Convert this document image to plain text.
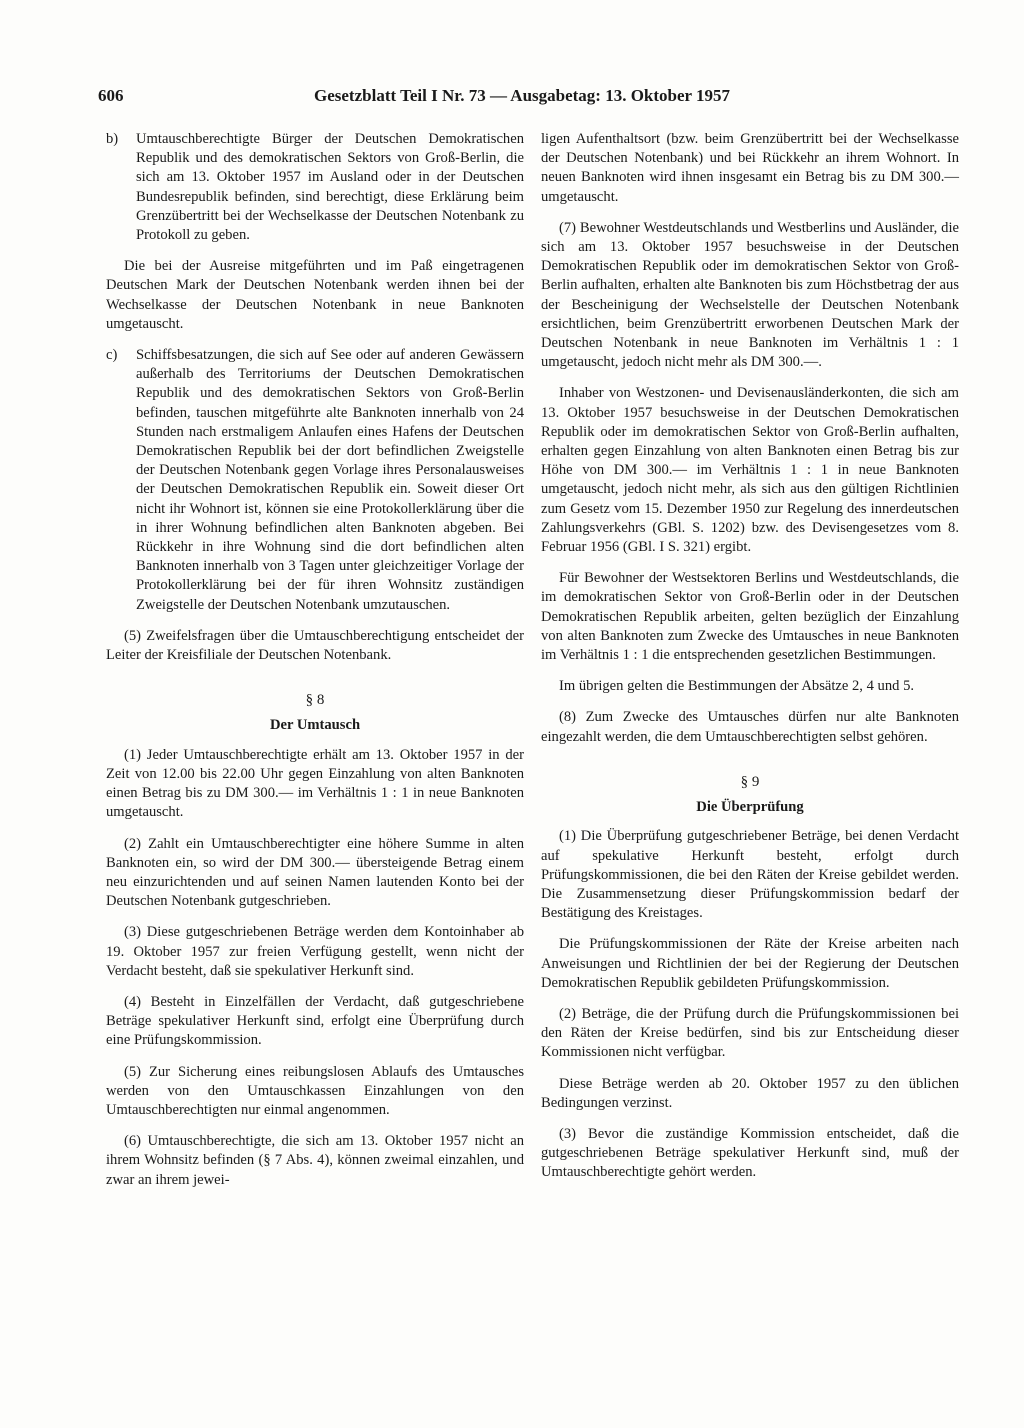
606	Gesetzblatt Teil I Nr. 73 — Ausgabetag: 13. Oktober 1957
b)	Umtauschberechtigte Bürger der Deutschen Demokratischen Republik und des demokratischen Sektors von Groß-Berlin, die sich am 13. Oktober 1957 im Ausland oder in der Deutschen Bundesrepublik befinden, sind berechtigt, diese Erklärung beim Grenzübertritt bei der Wechselkasse der Deutschen Notenbank zu Protokoll zu geben.

Die bei der Ausreise mitgeführten und im Paß eingetragenen Deutschen Mark der Deutschen Notenbank werden ihnen bei der Wechselkasse der Deutschen Notenbank in neue Banknoten umgetauscht.

c)	Schiffsbesatzungen, die sich auf See oder auf anderen Gewässern außerhalb des Territoriums der Deutschen Demokratischen Republik und des demokratischen Sektors von Groß-Berlin befinden, tauschen mitgeführte alte Banknoten innerhalb von 24 Stunden nach erstmaligem Anlaufen eines Hafens der Deutschen Demokratischen Republik bei der dort befindlichen Zweigstelle der Deutschen Notenbank gegen Vorlage ihres Personalausweises der Deutschen Demokratischen Republik ein. Soweit dieser Ort nicht ihr Wohnort ist, können sie eine Protokollerklärung über die in ihrer Wohnung befindlichen alten Banknoten abgeben. Bei Rückkehr in ihre Wohnung sind die dort befindlichen alten Banknoten innerhalb von 3 Tagen unter gleichzeitiger Vorlage der Protokollerklärung bei der für ihren Wohnsitz zuständigen Zweigstelle der Deutschen Notenbank umzutauschen.

(5) Zweifelsfragen über die Umtauschberechtigung entscheidet der Leiter der Kreisfiliale der Deutschen Notenbank.

§ 8

Der Umtausch

(1) Jeder Umtauschberechtigte erhält am 13. Oktober 1957 in der Zeit von 12.00 bis 22.00 Uhr gegen Einzahlung von alten Banknoten einen Betrag bis zu DM 300.— im Verhältnis 1 : 1 in neue Banknoten umgetauscht.

(2) Zahlt ein Umtauschberechtigter eine höhere Summe in alten Banknoten ein, so wird der DM 300.— übersteigende Betrag einem neu einzurichtenden und auf seinen Namen lautenden Konto bei der Deutschen Notenbank gutgeschrieben.

(3) Diese gutgeschriebenen Beträge werden dem Kontoinhaber ab 19. Oktober 1957 zur freien Verfügung gestellt, wenn nicht der Verdacht besteht, daß sie spekulativer Herkunft sind.

(4) Besteht in Einzelfällen der Verdacht, daß gutgeschriebene Beträge spekulativer Herkunft sind, erfolgt eine Überprüfung durch eine Prüfungskommission.

(5) Zur Sicherung eines reibungslosen Ablaufs des Umtausches werden von den Umtauschkassen Einzahlungen von den Umtauschberechtigten nur einmal angenommen.

(6) Umtauschberechtigte, die sich am 13. Oktober 1957 nicht an ihrem Wohnsitz befinden (§ 7 Abs. 4), können zweimal einzahlen, und zwar an ihrem jewei-

ligen Aufenthaltsort (bzw. beim Grenzübertritt bei der Wechselkasse der Deutschen Notenbank) und bei Rückkehr an ihrem Wohnort. In neuen Banknoten wird ihnen insgesamt ein Betrag bis zu DM 300.— umgetauscht.

(7) Bewohner Westdeutschlands und Westberlins und Ausländer, die sich am 13. Oktober 1957 besuchsweise in der Deutschen Demokratischen Republik oder im demokratischen Sektor von Groß-Berlin aufhalten, erhalten alte Banknoten bis zum Höchstbetrag der aus der Bescheinigung der Wechselstelle der Deutschen Notenbank ersichtlichen, beim Grenzübertritt erworbenen Deutschen Mark der Deutschen Notenbank in neue Banknoten im Verhältnis 1 : 1 umgetauscht, jedoch nicht mehr als DM 300.—.

Inhaber von Westzonen- und Devisenausländerkonten, die sich am 13. Oktober 1957 besuchsweise in der Deutschen Demokratischen Republik oder im demokratischen Sektor von Groß-Berlin aufhalten, erhalten gegen Einzahlung von alten Banknoten einen Betrag bis zur Höhe von DM 300.— im Verhältnis 1 : 1 in neue Banknoten umgetauscht, jedoch nicht mehr, als sich aus den gültigen Richtlinien zum Gesetz vom 15. Dezember 1950 zur Regelung des innerdeutschen Zahlungsverkehrs (GBl. S. 1202) bzw. des Devisengesetzes vom 8. Februar 1956 (GBl. I S. 321) ergibt.

Für Bewohner der Westsektoren Berlins und Westdeutschlands, die im demokratischen Sektor von Groß-Berlin oder in der Deutschen Demokratischen Republik arbeiten, gelten bezüglich der Einzahlung von alten Banknoten zum Zwecke des Umtausches in neue Banknoten im Verhältnis 1 : 1 die entsprechenden gesetzlichen Bestimmungen.

Im übrigen gelten die Bestimmungen der Absätze 2, 4 und 5.

(8) Zum Zwecke des Umtausches dürfen nur alte Banknoten eingezahlt werden, die dem Umtauschberechtigten selbst gehören.

§ 9

Die Überprüfung

(1) Die Überprüfung gutgeschriebener Beträge, bei denen Verdacht auf spekulative Herkunft besteht, erfolgt durch Prüfungskommissionen, die bei den Räten der Kreise gebildet werden. Die Zusammensetzung dieser Prüfungskommission bedarf der Bestätigung des Kreistages.

Die Prüfungskommissionen der Räte der Kreise arbeiten nach Anweisungen und Richtlinien der bei der Regierung der Deutschen Demokratischen Republik gebildeten Prüfungskommission.

(2) Beträge, die der Prüfung durch die Prüfungskommissionen bei den Räten der Kreise bedürfen, sind bis zur Entscheidung dieser Kommissionen nicht verfügbar.

Diese Beträge werden ab 20. Oktober 1957 zu den üblichen Bedingungen verzinst.

(3) Bevor die zuständige Kommission entscheidet, daß die gutgeschriebenen Beträge spekulativer Herkunft sind, muß der Umtauschberechtigte gehört werden.
